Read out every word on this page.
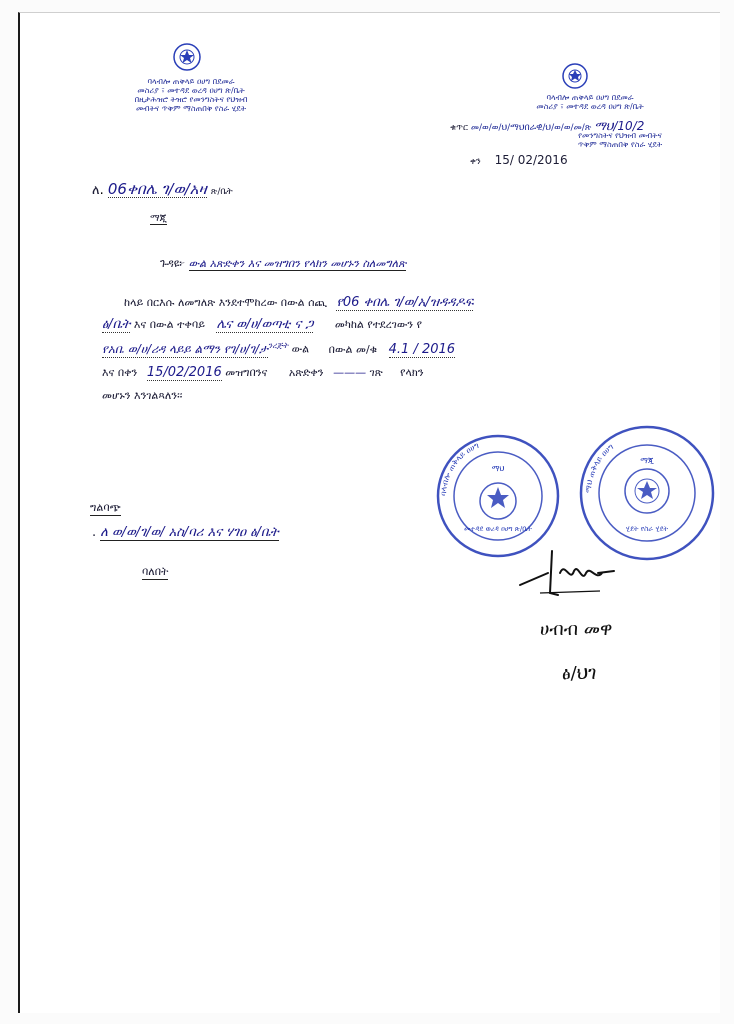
ባላብሎ ጠቅላይ ዐሀግ በደመራ
መስሪያ ፣ መተዳደ ወረዳ ዐሀግ ጽ/ቤት
በዚታሕዝሮ ትዝሮ የመንግስትና የህዝብ
መብትና ጥቅም ማስጠበቅ የስራ ሂደት
ባላብሎ ጠቅላይ ዐሀግ በደመራ
መስሪያ ፣ መተዳደ ወረዳ ዐሀግ ጽ/ቤት
ቁጥር መ/ወ/ወ/ህ/ማህበራዊ/ህ/ወ/ወ/መ/ጽ ማህ/10/2
የመንግስትና የህዝብ መብትና
ጥቅም ማስጠበቅ የስራ ሂደት
ቀን 15/ 02/2016
ለ. 06ቀበሌ ገ/ወ/አዛ ጽ/ቤት
ማጂ
ጉዳዩ፦ ውል አጽድቀን እና መዝግበን የላክን መሆኑን ስለመግለጽ
ከላይ በርእሱ ለመግለጽ እንደተሞከረው በውል ሰጪ የ06 ቀበሌ ገ/ወ/አ/ዝዳዳዶፍ
ፅ/ቤት እና በውል ተቀባይ ሌና ወ/ሀ/ወጣቲ ና ጋ መካከል የተደረገውን የ
የአቤ ወ/ሀ/ሪዳ ላይይ ልማን የገ/ሀ/ገ/ታ$^{ንረጅት}$ ውል በውል መ/ቁ 4.1 / 2016
እና በቀን 15/02/2016 መዝግበንና አጽድቀን ——— ገጽ የላክን
መሆኑን እንገልጻለን፡፡
ባላብሎ ጠቅላይ ዐሀግ
መተዳደ ወረዳ ዐሀግ ጽ/ቤት
ማህ
ማህ ጠቅላይ ዐሀግ
ሂደት የስራ ሂደት
ማጂ
ግልባጭ
. ለ ወ/ወ/ገ/ወ/ አስ/ባሪ እና ሃገዐ ፅ/ቤት
ባለበት
ሀብብ መዋ
ፅ/ህገ
